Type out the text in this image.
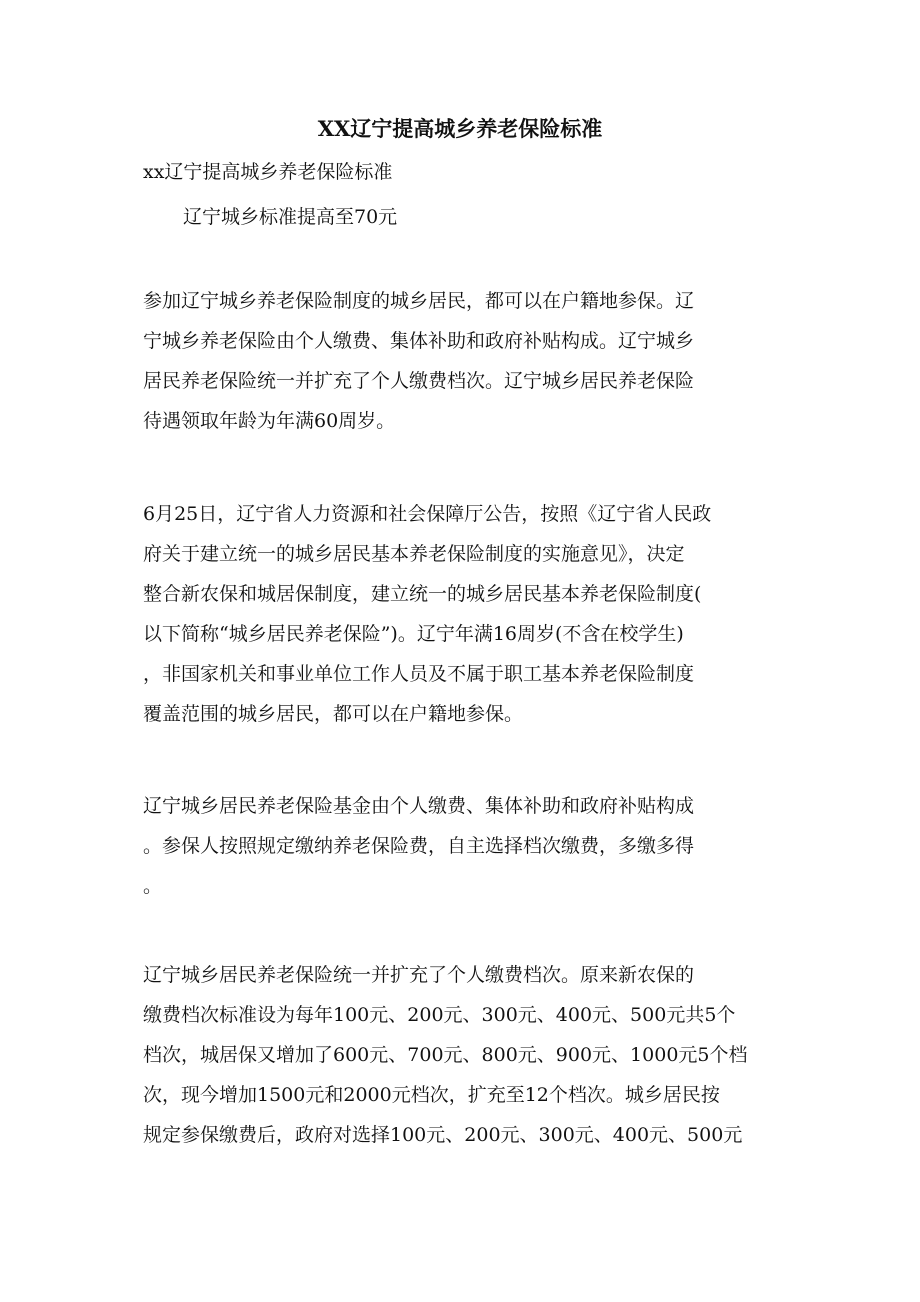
XX辽宁提高城乡养老保险标准

xx辽宁提高城乡养老保险标准

辽宁城乡标准提高至70元

参加辽宁城乡养老保险制度的城乡居民，都可以在户籍地参保。辽
宁城乡养老保险由个人缴费、集体补助和政府补贴构成。辽宁城乡
居民养老保险统一并扩充了个人缴费档次。辽宁城乡居民养老保险
待遇领取年龄为年满60周岁。
6月25日，辽宁省人力资源和社会保障厅公告，按照《辽宁省人民政
府关于建立统一的城乡居民基本养老保险制度的实施意见》，决定
整合新农保和城居保制度，建立统一的城乡居民基本养老保险制度(
以下简称“城乡居民养老保险”)。辽宁年满16周岁(不含在校学生)
，非国家机关和事业单位工作人员及不属于职工基本养老保险制度
覆盖范围的城乡居民，都可以在户籍地参保。
辽宁城乡居民养老保险基金由个人缴费、集体补助和政府补贴构成
。参保人按照规定缴纳养老保险费，自主选择档次缴费，多缴多得
。
辽宁城乡居民养老保险统一并扩充了个人缴费档次。原来新农保的
缴费档次标准设为每年100元、200元、300元、400元、500元共5个
档次，城居保又增加了600元、700元、800元、900元、1000元5个档
次，现今增加1500元和2000元档次，扩充至12个档次。城乡居民按
规定参保缴费后，政府对选择100元、200元、300元、400元、500元
